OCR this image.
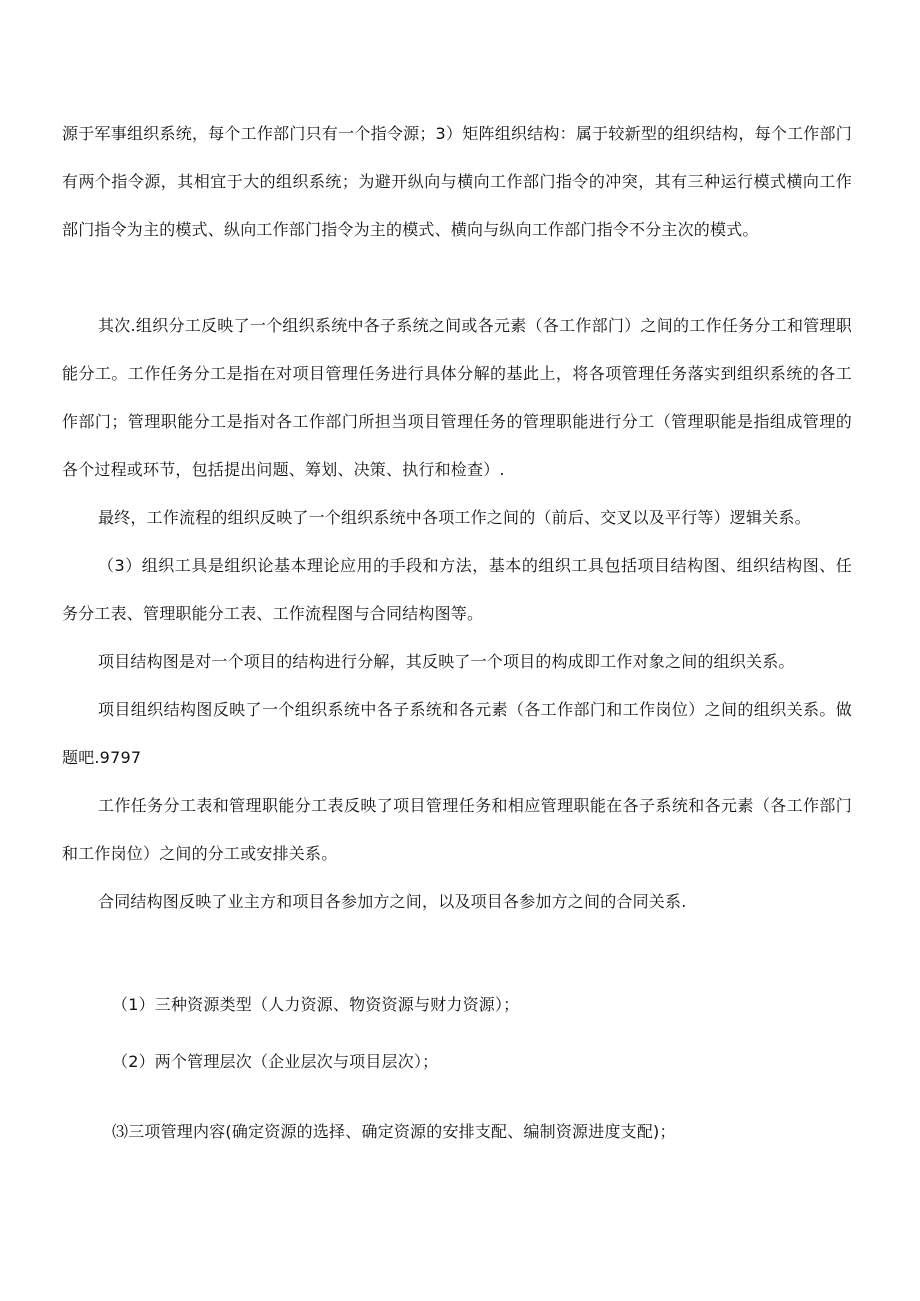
源于军事组织系统，每个工作部门只有一个指令源；3）矩阵组织结构：属于较新型的组织结构，每个工作部门有两个指令源，其相宜于大的组织系统；为避开纵向与横向工作部门指令的冲突，其有三种运行模式横向工作部门指令为主的模式、纵向工作部门指令为主的模式、横向与纵向工作部门指令不分主次的模式。

其次.组织分工反映了一个组织系统中各子系统之间或各元素（各工作部门）之间的工作任务分工和管理职能分工。工作任务分工是指在对项目管理任务进行具体分解的基此上，将各项管理任务落实到组织系统的各工作部门；管理职能分工是指对各工作部门所担当项目管理任务的管理职能进行分工（管理职能是指组成管理的各个过程或环节，包括提出问题、筹划、决策、执行和检查）.

最终，工作流程的组织反映了一个组织系统中各项工作之间的（前后、交叉以及平行等）逻辑关系。

（3）组织工具是组织论基本理论应用的手段和方法，基本的组织工具包括项目结构图、组织结构图、任务分工表、管理职能分工表、工作流程图与合同结构图等。

项目结构图是对一个项目的结构进行分解，其反映了一个项目的构成即工作对象之间的组织关系。

项目组织结构图反映了一个组织系统中各子系统和各元素（各工作部门和工作岗位）之间的组织关系。做题吧.9797

工作任务分工表和管理职能分工表反映了项目管理任务和相应管理职能在各子系统和各元素（各工作部门和工作岗位）之间的分工或安排关系。

合同结构图反映了业主方和项目各参加方之间，以及项目各参加方之间的合同关系.

（1）三种资源类型（人力资源、物资资源与财力资源）；

（2）两个管理层次（企业层次与项目层次）；

⑶三项管理内容(确定资源的选择、确定资源的安排支配、编制资源进度支配)；
